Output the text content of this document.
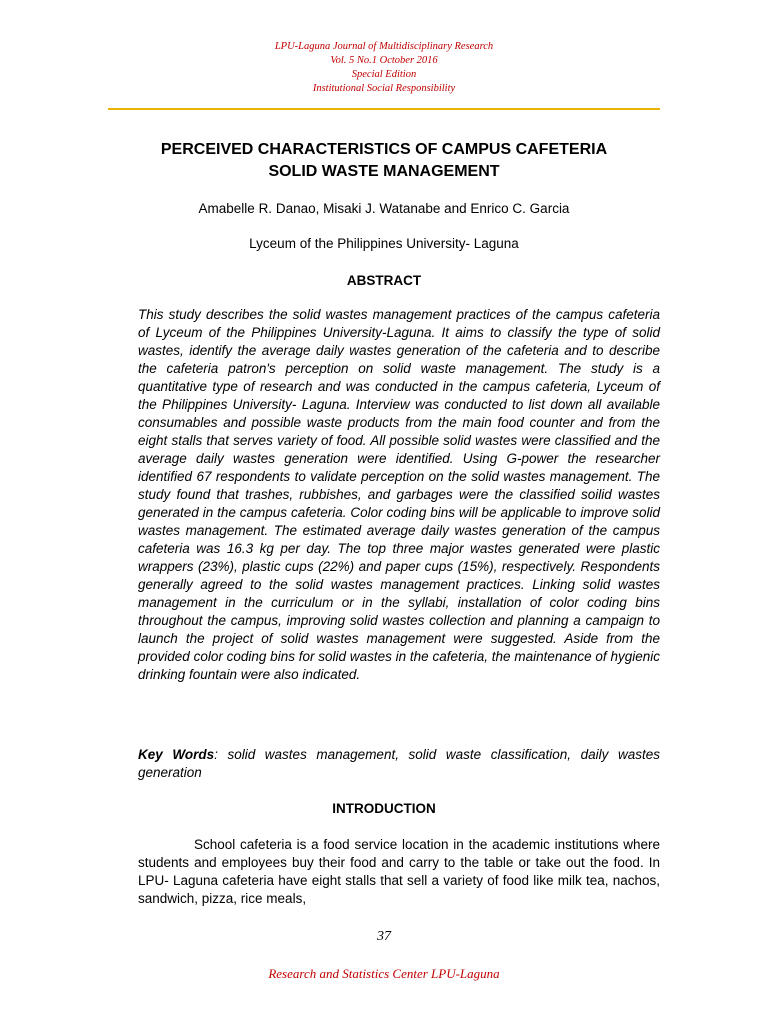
LPU-Laguna Journal of Multidisciplinary Research
Vol. 5 No.1 October 2016
Special Edition
Institutional Social Responsibility
PERCEIVED CHARACTERISTICS OF CAMPUS CAFETERIA
SOLID WASTE MANAGEMENT

Amabelle R. Danao, Misaki J. Watanabe and Enrico C. Garcia

Lyceum of the Philippines University- Laguna

ABSTRACT

This study describes the solid wastes management practices of the campus cafeteria of Lyceum of the Philippines University-Laguna. It aims to classify the type of solid wastes, identify the average daily wastes generation of the cafeteria and to describe the cafeteria patron's perception on solid waste management. The study is a quantitative type of research and was conducted in the campus cafeteria, Lyceum of the Philippines University- Laguna. Interview was conducted to list down all available consumables and possible waste products from the main food counter and from the eight stalls that serves variety of food. All possible solid wastes were classified and the average daily wastes generation were identified. Using G-power the researcher identified 67 respondents to validate perception on the solid wastes management. The study found that trashes, rubbishes, and garbages were the classified soilid wastes generated in the campus cafeteria. Color coding bins will be applicable to improve solid wastes management. The estimated average daily wastes generation of the campus cafeteria was 16.3 kg per day. The top three major wastes generated were plastic wrappers (23%), plastic cups (22%) and paper cups (15%), respectively. Respondents generally agreed to the solid wastes management practices. Linking solid wastes management in the curriculum or in the syllabi, installation of color coding bins throughout the campus, improving solid wastes collection and planning a campaign to launch the project of solid wastes management were suggested. Aside from the provided color coding bins for solid wastes in the cafeteria, the maintenance of hygienic drinking fountain were also indicated.

Key Words: solid wastes management, solid waste classification, daily wastes generation

INTRODUCTION

School cafeteria is a food service location in the academic institutions where students and employees buy their food and carry to the table or take out the food. In LPU- Laguna cafeteria have eight stalls that sell a variety of food like milk tea, nachos, sandwich, pizza, rice meals,

37
Research and Statistics Center LPU-Laguna
